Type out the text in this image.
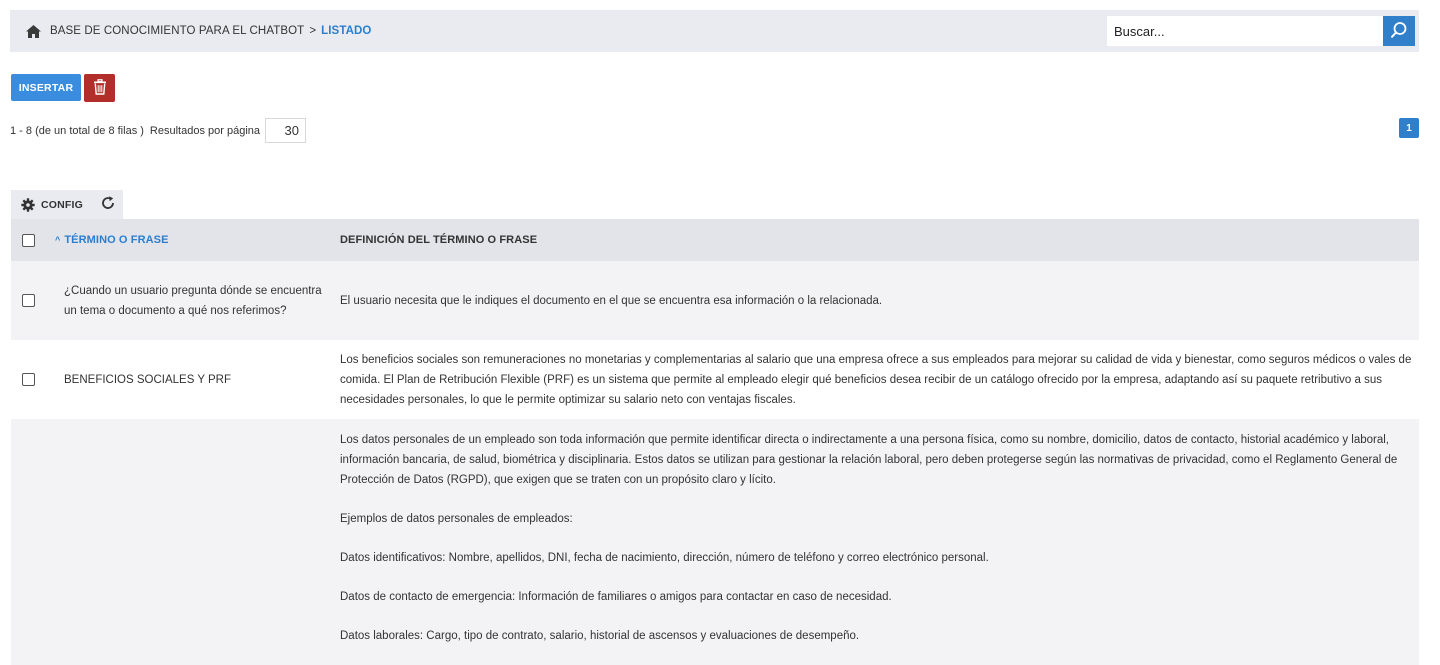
BASE DE CONOCIMIENTO PARA EL CHATBOT > LISTADO
Buscar...
INSERTAR
1 - 8 (de un total de 8 filas ) Resultados por página
30	1
CONFIG
	^ TÉRMINO O FRASE	DEFINICIÓN DEL TÉRMINO O FRASE

	¿Cuando un usuario pregunta dónde se encuentra un tema o documento a qué nos referimos?	El usuario necesita que le indiques el documento en el que se encuentra esa información o la relacionada.

	BENEFICIOS SOCIALES Y PRF	Los beneficios sociales son remuneraciones no monetarias y complementarias al salario que una empresa ofrece a sus empleados para mejorar su calidad de vida y bienestar, como seguros médicos o vales de comida. El Plan de Retribución Flexible (PRF) es un sistema que permite al empleado elegir qué beneficios desea recibir de un catálogo ofrecido por la empresa, adaptando así su paquete retributivo a sus necesidades personales, lo que le permite optimizar su salario neto con ventajas fiscales.

		Los datos personales de un empleado son toda información que permite identificar directa o indirectamente a una persona física, como su nombre, domicilio, datos de contacto, historial académico y laboral, información bancaria, de salud, biométrica y disciplinaria. Estos datos se utilizan para gestionar la relación laboral, pero deben protegerse según las normativas de privacidad, como el Reglamento General de Protección de Datos (RGPD), que exigen que se traten con un propósito claro y lícito.

Ejemplos de datos personales de empleados:

Datos identificativos: Nombre, apellidos, DNI, fecha de nacimiento, dirección, número de teléfono y correo electrónico personal.

Datos de contacto de emergencia: Información de familiares o amigos para contactar en caso de necesidad.

Datos laborales: Cargo, tipo de contrato, salario, historial de ascensos y evaluaciones de desempeño.
